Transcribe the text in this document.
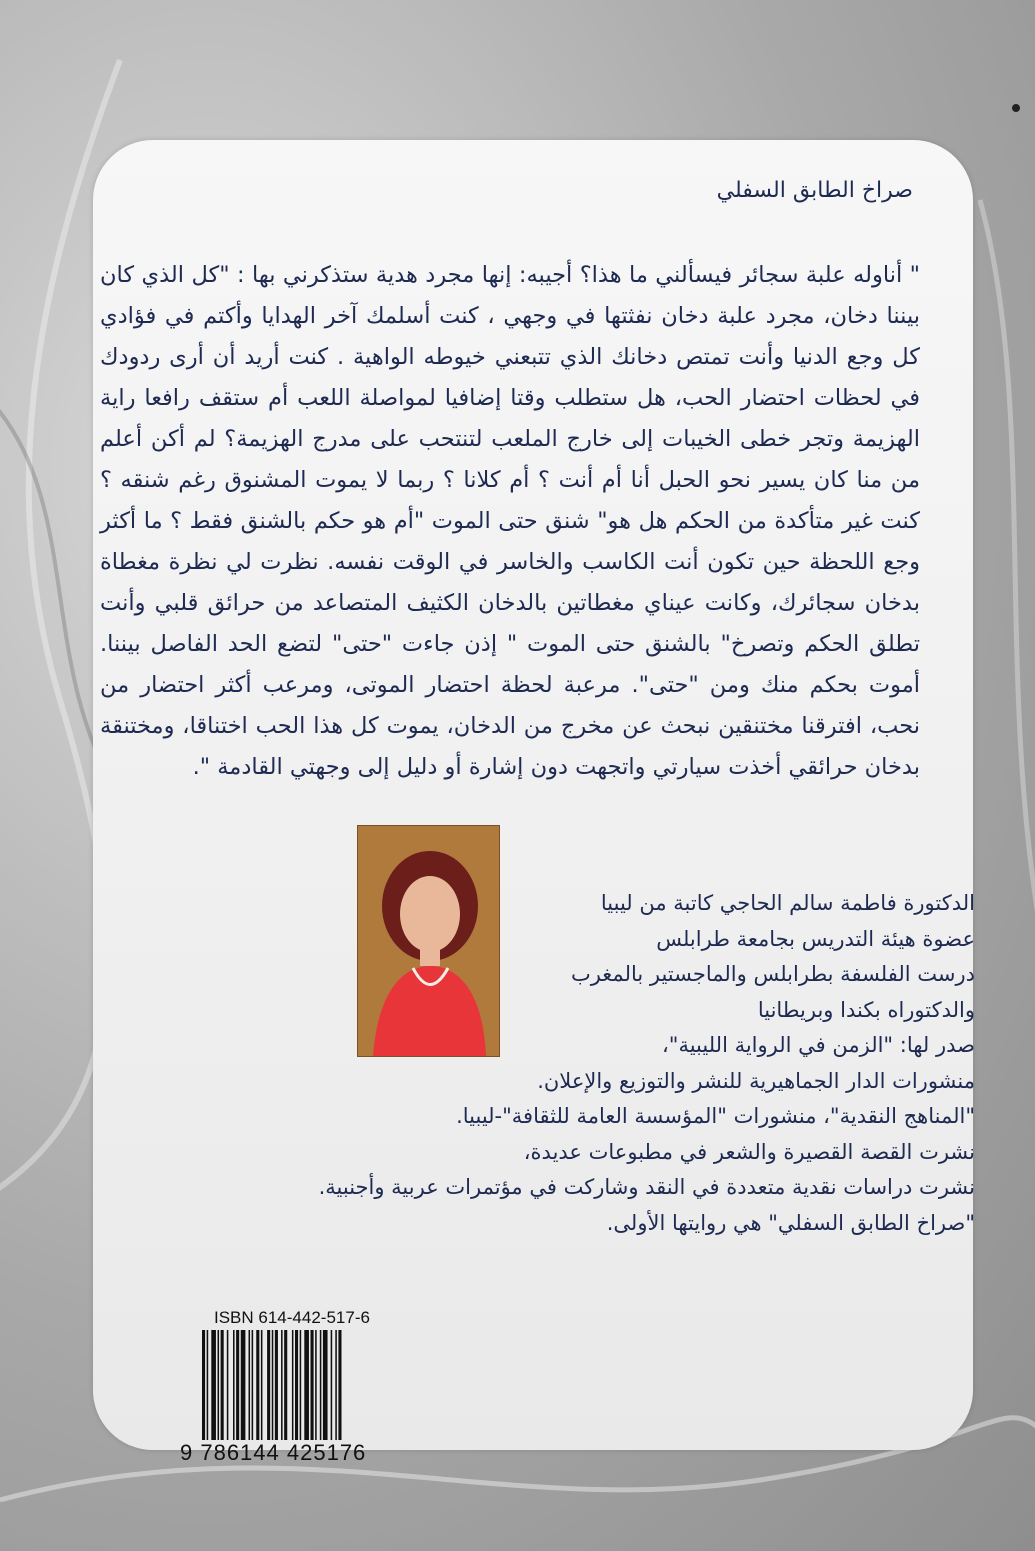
صراخ الطابق السفلي
" أناوله علبة سجائر فيسألني ما هذا؟ أجيبه: إنها مجرد هدية ستذكرني بها : "كل الذي كان بيننا دخان، مجرد علبة دخان نفثتها في وجهي ، كنت أسلمك آخر الهدايا وأكتم في فؤادي كل وجع الدنيا وأنت تمتص دخانك الذي تتبعني خيوطه الواهية . كنت أريد أن أرى ردودك في لحظات احتضار الحب، هل ستطلب وقتا إضافيا لمواصلة اللعب أم ستقف رافعا راية الهزيمة وتجر خطى الخيبات إلى خارج الملعب لتنتحب على مدرج الهزيمة؟ لم أكن أعلم من منا كان يسير نحو الحبل أنا أم أنت ؟ أم كلانا ؟ ربما لا يموت المشنوق رغم شنقه ؟ كنت غير متأكدة من الحكم هل هو" شنق حتى الموت "أم هو حكم بالشنق فقط ؟ ما أكثر وجع اللحظة حين تكون أنت الكاسب والخاسر في الوقت نفسه. نظرت لي نظرة مغطاة بدخان سجائرك، وكانت عيناي مغطاتين بالدخان الكثيف المتصاعد من حرائق قلبي وأنت تطلق الحكم وتصرخ" بالشنق حتى الموت " إذن جاءت "حتى" لتضع الحد الفاصل بيننا. أموت بحكم منك ومن "حتى". مرعبة لحظة احتضار الموتى، ومرعب أكثر احتضار من نحب، افترقنا مختنقين نبحث عن مخرج من الدخان، يموت كل هذا الحب اختناقا، ومختنقة بدخان حرائقي أخذت سيارتي واتجهت دون إشارة أو دليل إلى وجهتي القادمة ".
الدكتورة فاطمة سالم الحاجي كاتبة من ليبيا
عضوة هيئة التدريس بجامعة طرابلس
درست الفلسفة بطرابلس والماجستير بالمغرب
والدكتوراه بكندا وبريطانيا
صدر لها: "الزمن في الرواية الليبية"،
منشورات الدار الجماهيرية للنشر والتوزيع والإعلان.
"المناهج النقدية"، منشورات "المؤسسة العامة للثقافة"-ليبيا.
نشرت القصة القصيرة والشعر في مطبوعات عديدة،
نشرت دراسات نقدية متعددة في النقد وشاركت في مؤتمرات عربية وأجنبية.
"صراخ الطابق السفلي" هي روايتها الأولى.
ISBN 614-442-517-6
9 786144 425176
